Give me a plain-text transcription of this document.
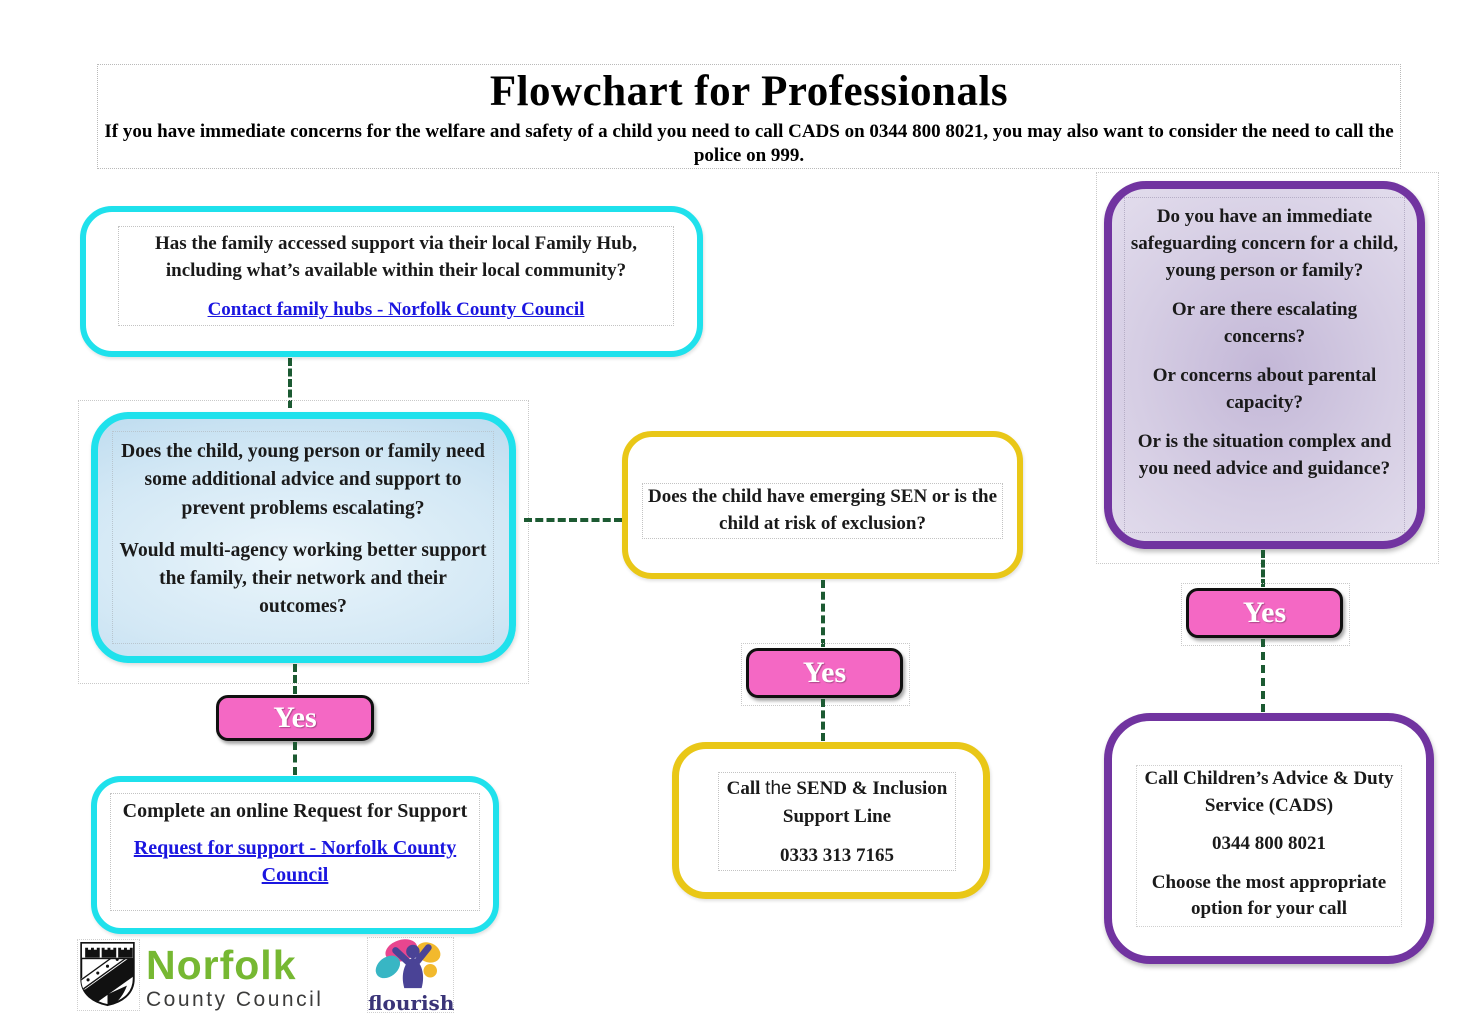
Flowchart for Professionals
If you have immediate concerns for the welfare and safety of a child you need to call CADS on 0344 800 8021, you may also want to consider the need to call the police on 999.

Has the family accessed support via their local Family Hub, including what’s available within their local community?

Contact family hubs - Norfolk County Council

Does the child, young person or family need some additional advice and support to prevent problems escalating?

Would multi-agency working better support the family, their network and their outcomes?

Does the child have emerging SEN or is the child at risk of exclusion?

Do you have an immediate safeguarding concern for a child, young person or family?

Or are there escalating concerns?

Or concerns about parental capacity?

Or is the situation complex and you need advice and guidance?

Yes

Complete an online Request for Support

Request for support - Norfolk County Council
Yes

Call the SEND & Inclusion Support Line

0333 313 7165

Yes

Call Children’s Advice & Duty Service (CADS)

0344 800 8021

Choose the most appropriate option for your call

Norfolk
County Council flourish
